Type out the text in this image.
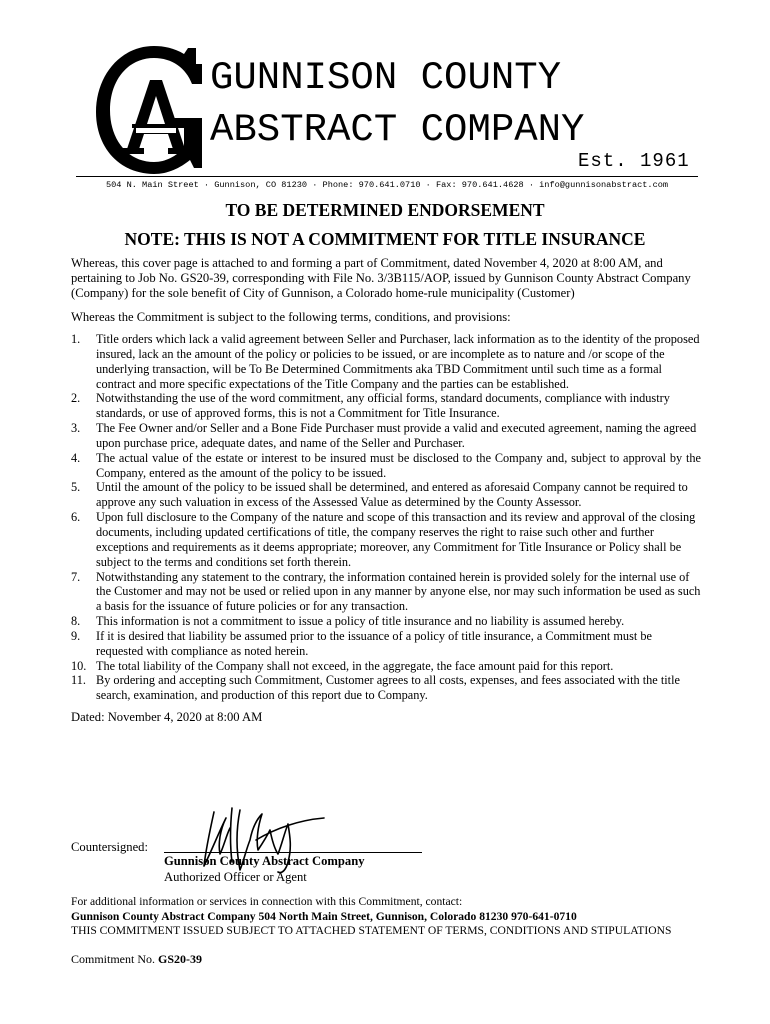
GUNNISON COUNTY
ABSTRACT COMPANY
Est. 1961
504 N. Main Street · Gunnison, CO 81230 · Phone: 970.641.0710 · Fax: 970.641.4628 · info@gunnisonabstract.com
TO BE DETERMINED ENDORSEMENT
NOTE: THIS IS NOT A COMMITMENT FOR TITLE INSURANCE
Whereas, this cover page is attached to and forming a part of Commitment, dated November 4, 2020 at 8:00 AM, and pertaining to Job No. GS20-39, corresponding with File No. 3/3B115/AOP, issued by Gunnison County Abstract Company (Company) for the sole benefit of City of Gunnison, a Colorado home-rule municipality (Customer)
Whereas the Commitment is subject to the following terms, conditions, and provisions:
1. Title orders which lack a valid agreement between Seller and Purchaser, lack information as to the identity of the proposed insured, lack an the amount of the policy or policies to be issued, or are incomplete as to nature and /or scope of the underlying transaction, will be To Be Determined Commitments aka TBD Commitment until such time as a formal contract and more specific expectations of the Title Company and the parties can be established.
2. Notwithstanding the use of the word commitment, any official forms, standard documents, compliance with industry standards, or use of approved forms, this is not a Commitment for Title Insurance.
3. The Fee Owner and/or Seller and a Bone Fide Purchaser must provide a valid and executed agreement, naming the agreed upon purchase price, adequate dates, and name of the Seller and Purchaser.
4. The actual value of the estate or interest to be insured must be disclosed to the Company and, subject to approval by the Company, entered as the amount of the policy to be issued.
5. Until the amount of the policy to be issued shall be determined, and entered as aforesaid Company cannot be required to approve any such valuation in excess of the Assessed Value as determined by the County Assessor.
6. Upon full disclosure to the Company of the nature and scope of this transaction and its review and approval of the closing documents, including updated certifications of title, the company reserves the right to raise such other and further exceptions and requirements as it deems appropriate; moreover, any Commitment for Title Insurance or Policy shall be subject to the terms and conditions set forth therein.
7. Notwithstanding any statement to the contrary, the information contained herein is provided solely for the internal use of the Customer and may not be used or relied upon in any manner by anyone else, nor may such information be used as such a basis for the issuance of future policies or for any transaction.
8. This information is not a commitment to issue a policy of title insurance and no liability is assumed hereby.
9. If it is desired that liability be assumed prior to the issuance of a policy of title insurance, a Commitment must be requested with compliance as noted herein.
10. The total liability of the Company shall not exceed, in the aggregate, the face amount paid for this report.
11. By ordering and accepting such Commitment, Customer agrees to all costs, expenses, and fees associated with the title search, examination, and production of this report due to Company.
Dated: November 4, 2020 at 8:00 AM
Countersigned:
Gunnison County Abstract Company
Authorized Officer or Agent
For additional information or services in connection with this Commitment, contact:
Gunnison County Abstract Company 504 North Main Street, Gunnison, Colorado 81230 970-641-0710
THIS COMMITMENT ISSUED SUBJECT TO ATTACHED STATEMENT OF TERMS, CONDITIONS AND STIPULATIONS
Commitment No. GS20-39
